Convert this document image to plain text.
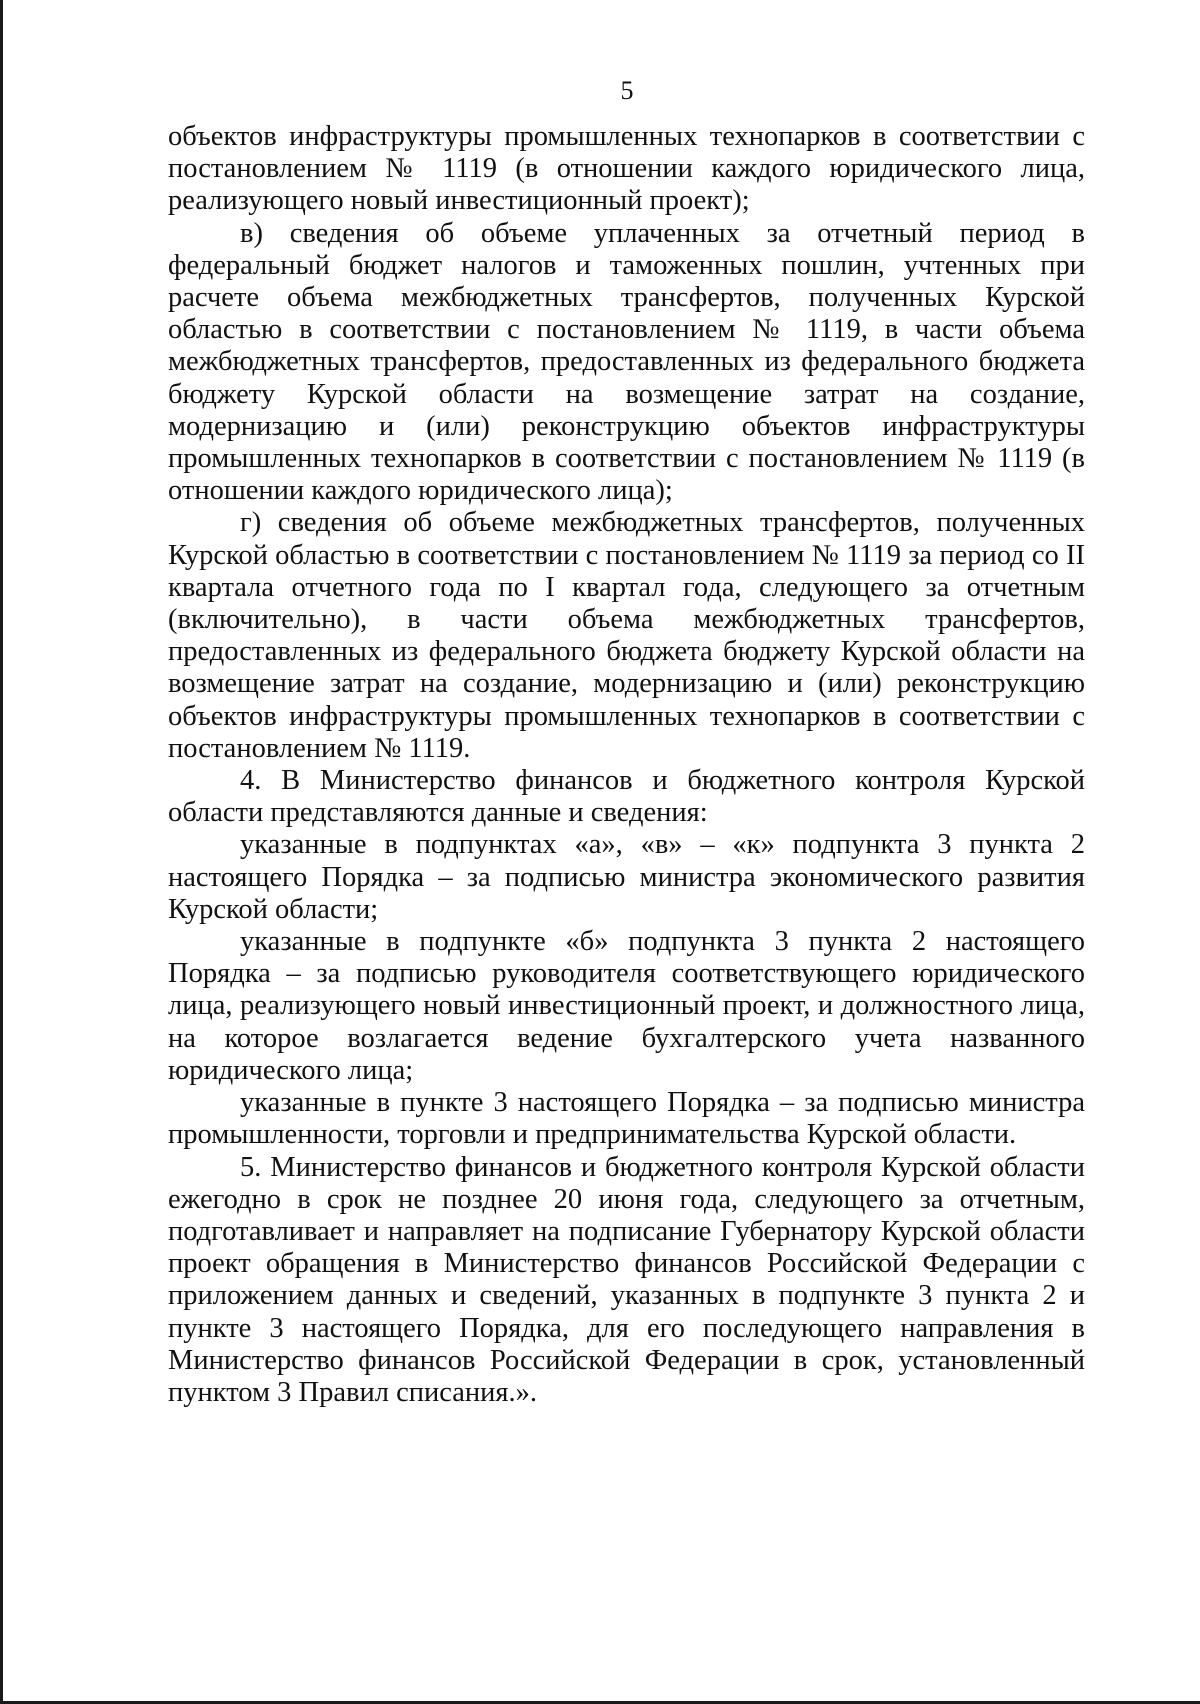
5

объектов инфраструктуры промышленных технопарков в соответствии с постановлением № 1119 (в отношении каждого юридического лица, реализующего новый инвестиционный проект);

в) сведения об объеме уплаченных за отчетный период в федеральный бюджет налогов и таможенных пошлин, учтенных при расчете объема межбюджетных трансфертов, полученных Курской областью в соответствии с постановлением № 1119, в части объема межбюджетных трансфертов, предоставленных из федерального бюджета бюджету Курской области на возмещение затрат на создание, модернизацию и (или) реконструкцию объектов инфраструктуры промышленных технопарков в соответствии с постановлением № 1119 (в отношении каждого юридического лица);

г) сведения об объеме межбюджетных трансфертов, полученных Курской областью в соответствии с постановлением № 1119 за период со II квартала отчетного года по I квартал года, следующего за отчетным (включительно), в части объема межбюджетных трансфертов, предоставленных из федерального бюджета бюджету Курской области на возмещение затрат на создание, модернизацию и (или) реконструкцию объектов инфраструктуры промышленных технопарков в соответствии с постановлением № 1119.

4. В Министерство финансов и бюджетного контроля Курской области представляются данные и сведения:

указанные в подпунктах «а», «в» – «к» подпункта 3 пункта 2 настоящего Порядка – за подписью министра экономического развития Курской области;

указанные в подпункте «б» подпункта 3 пункта 2 настоящего Порядка – за подписью руководителя соответствующего юридического лица, реализующего новый инвестиционный проект, и должностного лица, на которое возлагается ведение бухгалтерского учета названного юридического лица;

указанные в пункте 3 настоящего Порядка – за подписью министра промышленности, торговли и предпринимательства Курской области.

5. Министерство финансов и бюджетного контроля Курской области ежегодно в срок не позднее 20 июня года, следующего за отчетным, подготавливает и направляет на подписание Губернатору Курской области проект обращения в Министерство финансов Российской Федерации с приложением данных и сведений, указанных в подпункте 3 пункта 2 и пункте 3 настоящего Порядка, для его последующего направления в Министерство финансов Российской Федерации в срок, установленный пунктом 3 Правил списания.».
